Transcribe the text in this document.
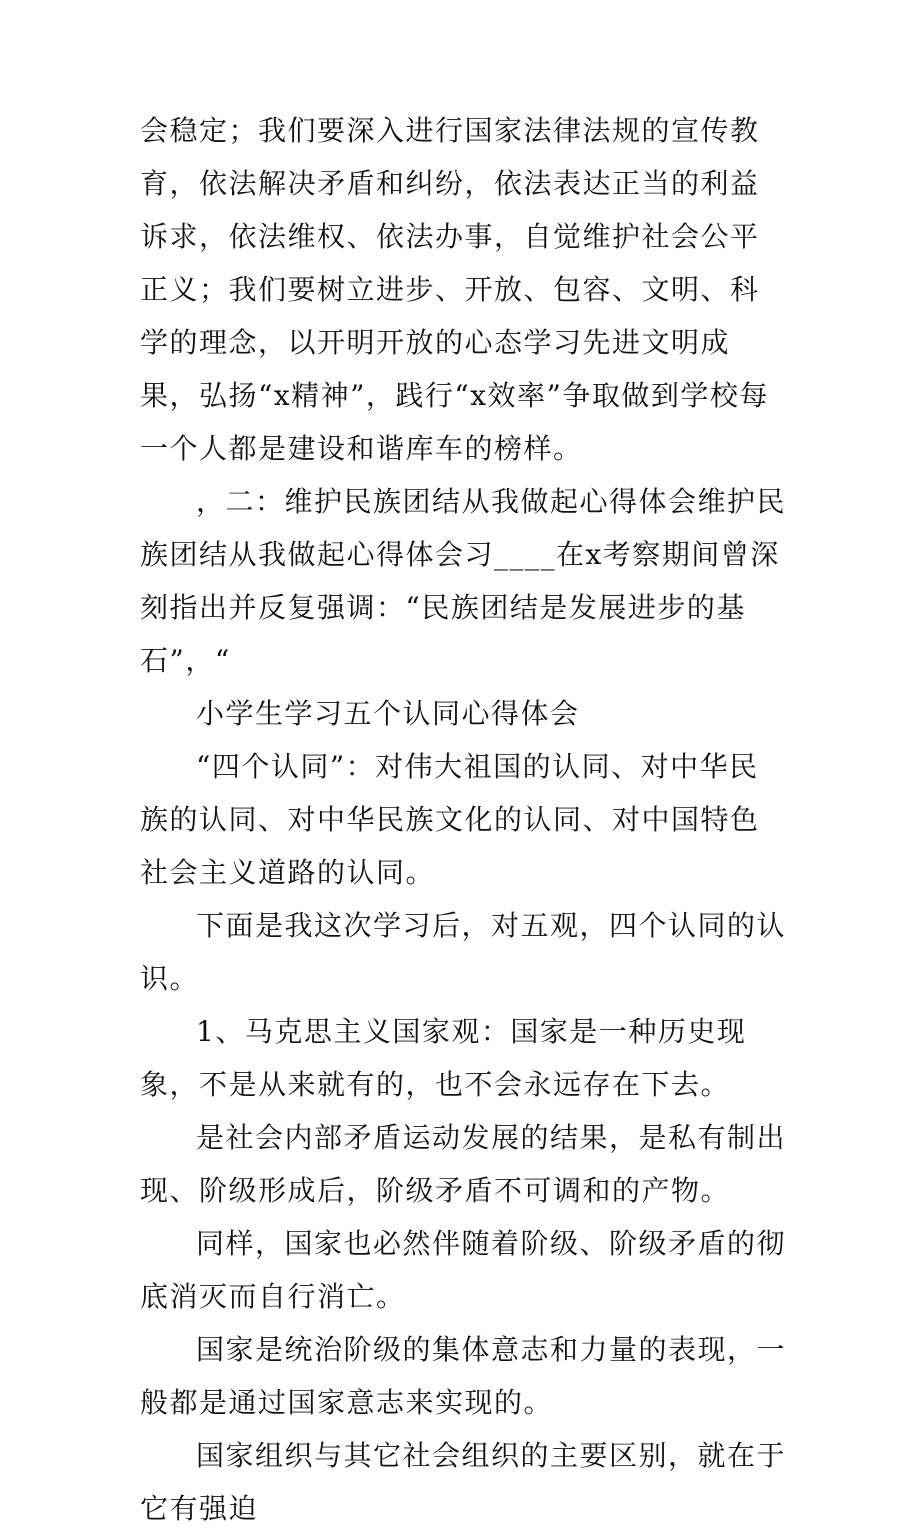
会稳定；我们要深入进行国家法律法规的宣传教育，依法解决矛盾和纠纷，依法表达正当的利益诉求，依法维权、依法办事，自觉维护社会公平正义；我们要树立进步、开放、包容、文明、科学的理念，以开明开放的心态学习先进文明成果，弘扬“x精神”，践行“x效率”争取做到学校每一个人都是建设和谐库车的榜样。

，二：维护民族团结从我做起心得体会维护民族团结从我做起心得体会习____在x考察期间曾深刻指出并反复强调：“民族团结是发展进步的基石”，“

小学生学习五个认同心得体会

“四个认同”：对伟大祖国的认同、对中华民族的认同、对中华民族文化的认同、对中国特色社会主义道路的认同。

下面是我这次学习后，对五观，四个认同的认识。

1、马克思主义国家观：国家是一种历史现象，不是从来就有的，也不会永远存在下去。

是社会内部矛盾运动发展的结果，是私有制出现、阶级形成后，阶级矛盾不可调和的产物。

同样，国家也必然伴随着阶级、阶级矛盾的彻底消灭而自行消亡。

国家是统治阶级的集体意志和力量的表现，一般都是通过国家意志来实现的。

国家组织与其它社会组织的主要区别，就在于它有强迫
